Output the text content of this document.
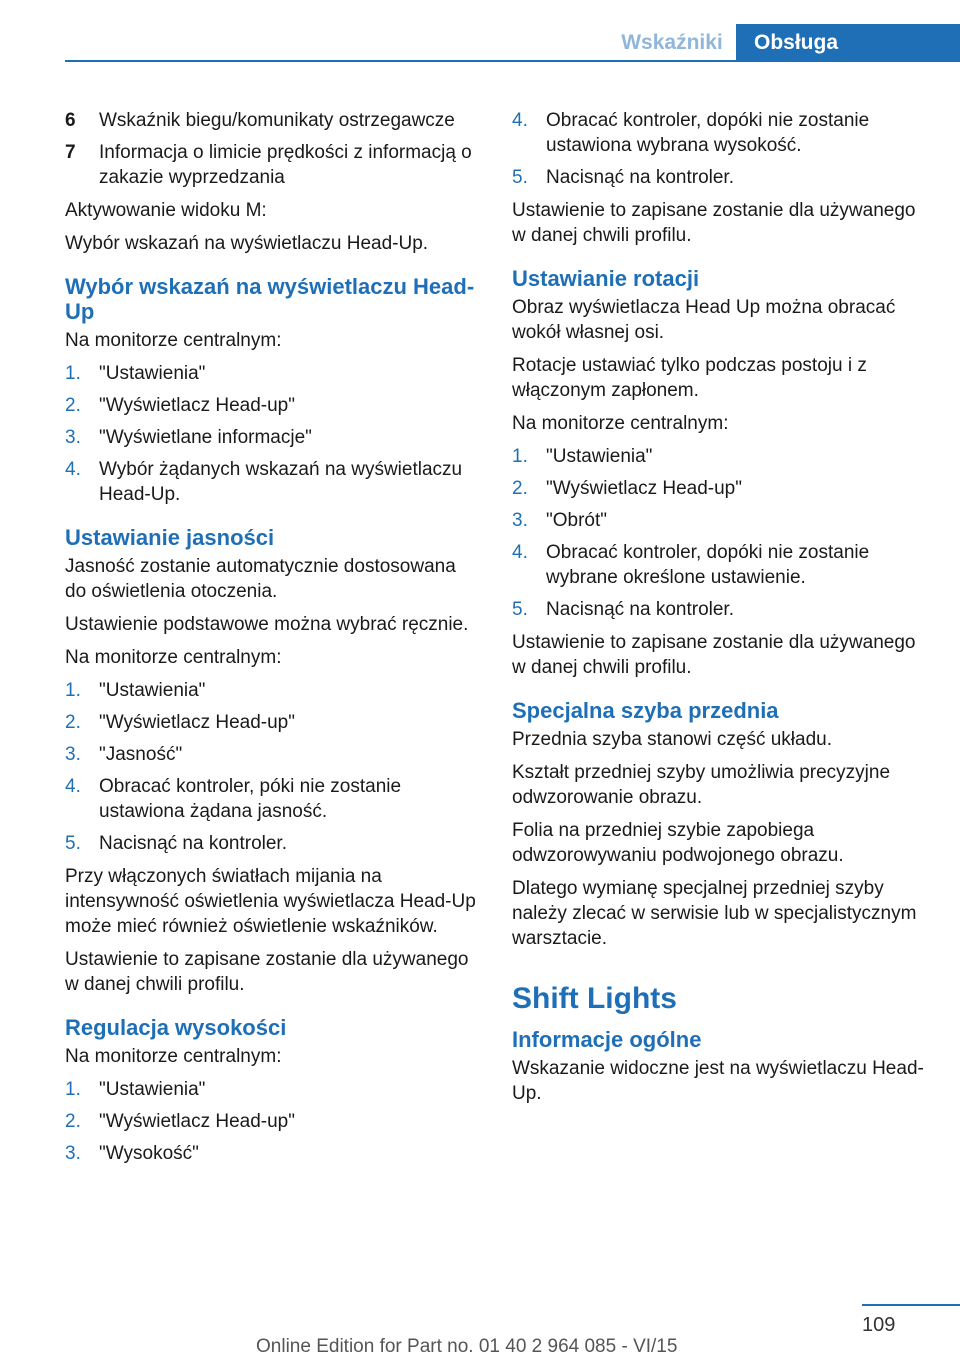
Wskaźniki	Obsługa
6 Wskaźnik biegu/komunikaty ostrzegawcze
7 Informacja o limicie prędkości z informacją o zakazie wyprzedzania

Aktywowanie widoku M:

Wybór wskazań na wyświetlaczu Head-Up.

Wybór wskazań na wyświetlaczu Head-Up

Na monitorze centralnym:

1. "Ustawienia"
2. "Wyświetlacz Head-up"
3. "Wyświetlane informacje"
4. Wybór żądanych wskazań na wyświetlaczu Head-Up.
Ustawianie jasności

Jasność zostanie automatycznie dostosowana do oświetlenia otoczenia.

Ustawienie podstawowe można wybrać ręcznie.

Na monitorze centralnym:

1. "Ustawienia"
2. "Wyświetlacz Head-up"
3. "Jasność"
4. Obracać kontroler, póki nie zostanie ustawiona żądana jasność.
5. Nacisnąć na kontroler.

Przy włączonych światłach mijania na intensywność oświetlenia wyświetlacza Head-Up może mieć również oświetlenie wskaźników.

Ustawienie to zapisane zostanie dla używanego w danej chwili profilu.

Regulacja wysokości

Na monitorze centralnym:

1. "Ustawienia"
2. "Wyświetlacz Head-up"
3. "Wysokość"
4. Obracać kontroler, dopóki nie zostanie ustawiona wybrana wysokość.
5. Nacisnąć na kontroler.

Ustawienie to zapisane zostanie dla używanego w danej chwili profilu.

Ustawianie rotacji

Obraz wyświetlacza Head Up można obracać wokół własnej osi.

Rotacje ustawiać tylko podczas postoju i z włączonym zapłonem.

Na monitorze centralnym:

1. "Ustawienia"
2. "Wyświetlacz Head-up"
3. "Obrót"
4. Obracać kontroler, dopóki nie zostanie wybrane określone ustawienie.
5. Nacisnąć na kontroler.

Ustawienie to zapisane zostanie dla używanego w danej chwili profilu.

Specjalna szyba przednia

Przednia szyba stanowi część układu.

Kształt przedniej szyby umożliwia precyzyjne odwzorowanie obrazu.

Folia na przedniej szybie zapobiega odwzorowywaniu podwojonego obrazu.

Dlatego wymianę specjalnej przedniej szyby należy zlecać w serwisie lub w specjalistycznym warsztacie.

Shift Lights
Informacje ogólne

Wskazanie widoczne jest na wyświetlaczu Head-Up.

109
Online Edition for Part no. 01 40 2 964 085 - VI/15
